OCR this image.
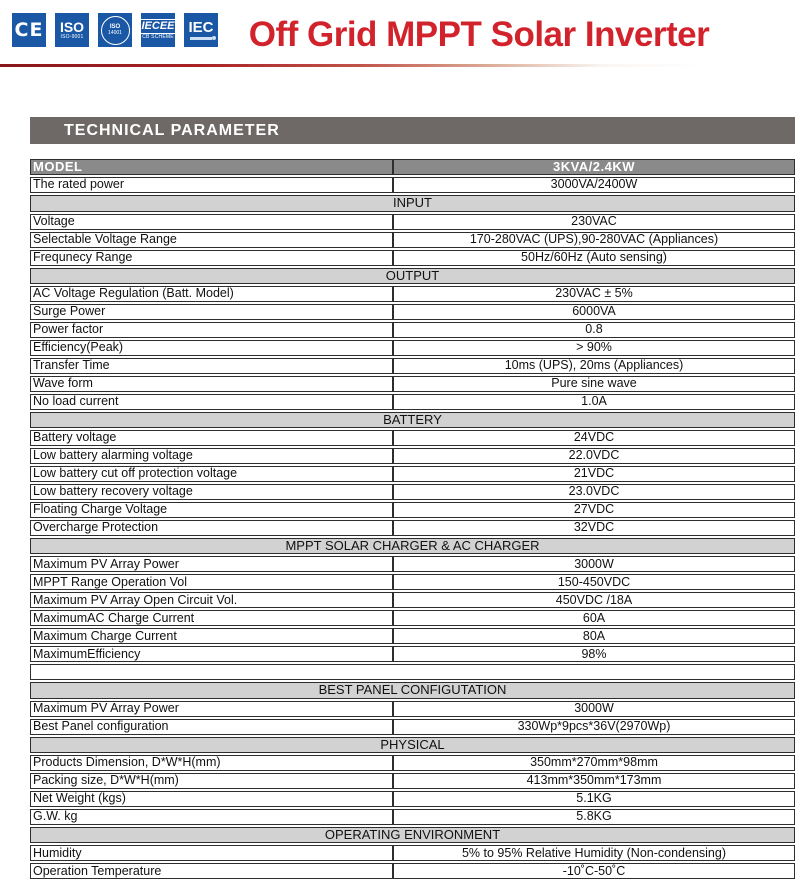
CE ISO
ISO-9001
ISO
14001
IECEE
CB SCHEME
IEC	Off Grid MPPT Solar Inverter
TECHNICAL PARAMETER
MODEL	3KVA/2.4KW
The rated power	3000VA/2400W
INPUT	
Voltage	230VAC
Selectable Voltage Range	170-280VAC (UPS),90-280VAC (Appliances)
Frequnecy Range	50Hz/60Hz (Auto sensing)
OUTPUT	
AC Voltage Regulation (Batt. Model)	230VAC ± 5%
Surge Power	6000VA
Power factor	0.8
Efficiency(Peak)	> 90%
Transfer Time	10ms (UPS), 20ms (Appliances)
Wave form	Pure sine wave
No load current	1.0A
BATTERY	
Battery voltage	24VDC
Low battery alarming voltage	22.0VDC
Low battery cut off protection voltage	21VDC
Low battery recovery voltage	23.0VDC
Floating Charge Voltage	27VDC
Overcharge Protection	32VDC
MPPT SOLAR CHARGER & AC CHARGER	
Maximum PV Array Power	3000W
MPPT Range Operation Vol	150-450VDC
Maximum PV Array Open Circuit Vol.	450VDC /18A
MaximumAC Charge Current	60A
Maximum Charge Current	80A
MaximumEfficiency	98%

BEST PANEL CONFIGUTATION	
Maximum PV Array Power	3000W
Best Panel configuration	330Wp*9pcs*36V(2970Wp)
PHYSICAL	
Products Dimension, D*W*H(mm)	350mm*270mm*98mm
Packing size, D*W*H(mm)	413mm*350mm*173mm
Net Weight (kgs)	5.1KG
G.W. kg	5.8KG
OPERATING ENVIRONMENT	
Humidity	5% to 95% Relative Humidity (Non-condensing)
Operation Temperature	-10˚C-50˚C
